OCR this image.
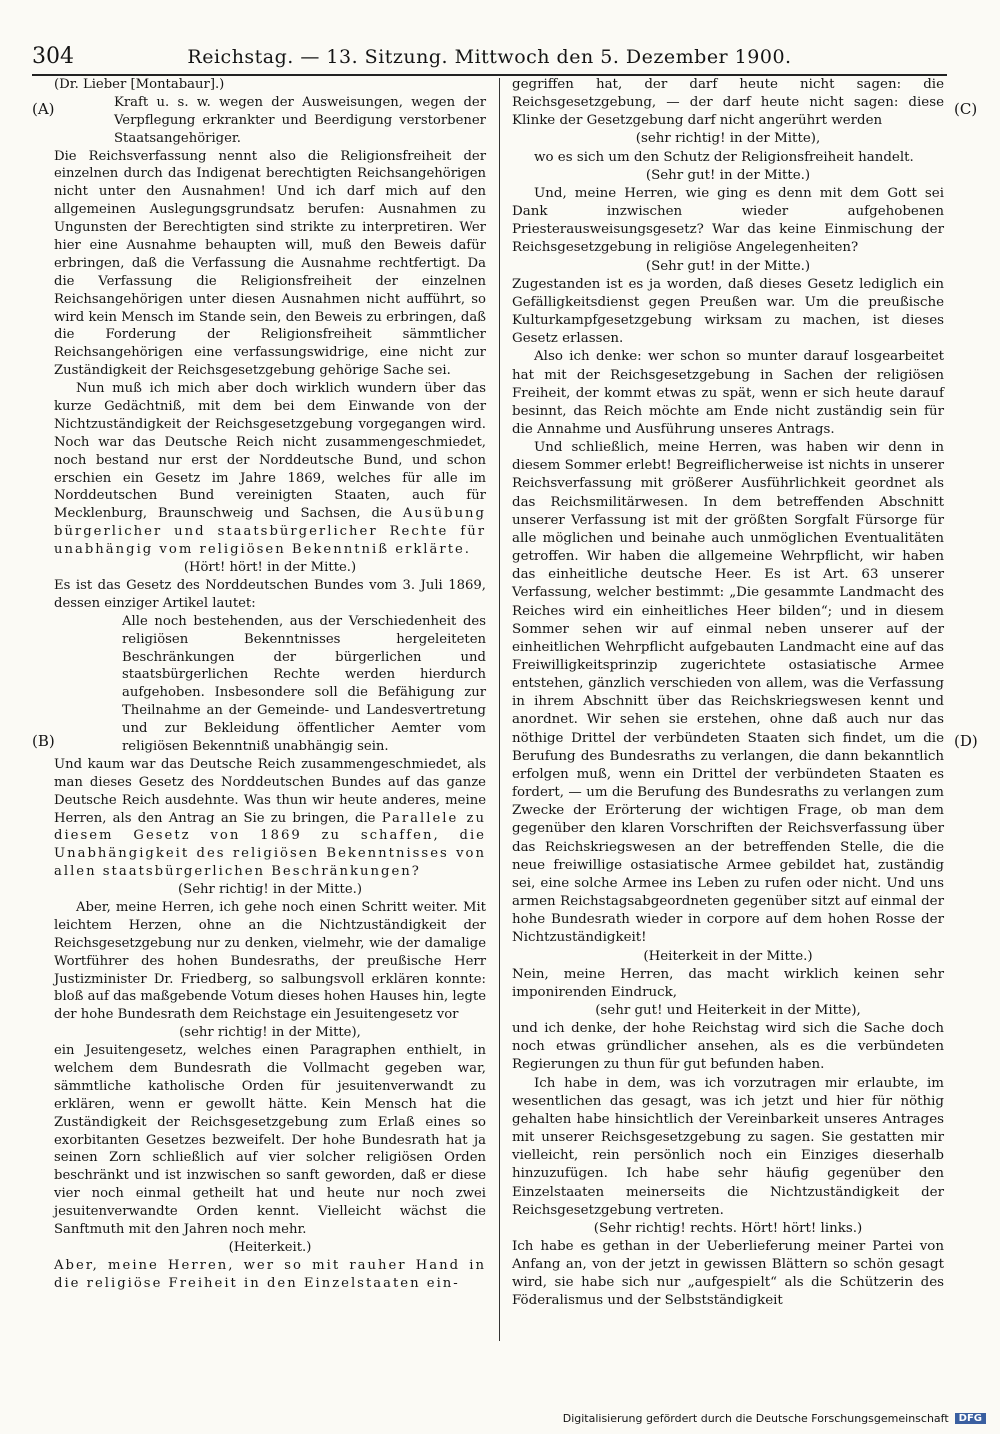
304	Reichstag. — 13. Sitzung. Mittwoch den 5. Dezember 1900.
(A)
(B)
(C)
(D)

(Dr. Lieber [Montabaur].)

Kraft u. s. w. wegen der Ausweisungen, wegen der Verpflegung erkrankter und Beerdigung verstorbener Staatsangehöriger.

Die Reichsverfassung nennt also die Religionsfreiheit der einzelnen durch das Indigenat berechtigten Reichsangehörigen nicht unter den Ausnahmen! Und ich darf mich auf den allgemeinen Auslegungsgrundsatz berufen: Ausnahmen zu Ungunsten der Berechtigten sind strikte zu interpretiren. Wer hier eine Ausnahme behaupten will, muß den Beweis dafür erbringen, daß die Verfassung die Ausnahme rechtfertigt. Da die Verfassung die Religionsfreiheit der einzelnen Reichsangehörigen unter diesen Ausnahmen nicht aufführt, so wird kein Mensch im Stande sein, den Beweis zu erbringen, daß die Forderung der Religionsfreiheit sämmtlicher Reichsangehörigen eine verfassungswidrige, eine nicht zur Zuständigkeit der Reichsgesetzgebung gehörige Sache sei.

Nun muß ich mich aber doch wirklich wundern über das kurze Gedächtniß, mit dem bei dem Einwande von der Nichtzuständigkeit der Reichsgesetzgebung vorgegangen wird. Noch war das Deutsche Reich nicht zusammengeschmiedet, noch bestand nur erst der Norddeutsche Bund, und schon erschien ein Gesetz im Jahre 1869, welches für alle im Norddeutschen Bund vereinigten Staaten, auch für Mecklenburg, Braunschweig und Sachsen, die Ausübung bürgerlicher und staatsbürgerlicher Rechte für unabhängig vom religiösen Bekenntniß erklärte.

(Hört! hört! in der Mitte.)

Es ist das Gesetz des Norddeutschen Bundes vom 3. Juli 1869, dessen einziger Artikel lautet:

Alle noch bestehenden, aus der Verschiedenheit des religiösen Bekenntnisses hergeleiteten Beschränkungen der bürgerlichen und staatsbürgerlichen Rechte werden hierdurch aufgehoben. Insbesondere soll die Befähigung zur Theilnahme an der Gemeinde- und Landesvertretung und zur Bekleidung öffentlicher Aemter vom religiösen Bekenntniß unabhängig sein.

Und kaum war das Deutsche Reich zusammengeschmiedet, als man dieses Gesetz des Norddeutschen Bundes auf das ganze Deutsche Reich ausdehnte. Was thun wir heute anderes, meine Herren, als den Antrag an Sie zu bringen, die Parallele zu diesem Gesetz von 1869 zu schaffen, die Unabhängigkeit des religiösen Bekenntnisses von allen staatsbürgerlichen Beschränkungen?

(Sehr richtig! in der Mitte.)

Aber, meine Herren, ich gehe noch einen Schritt weiter. Mit leichtem Herzen, ohne an die Nichtzuständigkeit der Reichsgesetzgebung nur zu denken, vielmehr, wie der damalige Wortführer des hohen Bundesraths, der preußische Herr Justizminister Dr. Friedberg, so salbungsvoll erklären konnte: bloß auf das maßgebende Votum dieses hohen Hauses hin, legte der hohe Bundesrath dem Reichstage ein Jesuitengesetz vor

(sehr richtig! in der Mitte),

ein Jesuitengesetz, welches einen Paragraphen enthielt, in welchem dem Bundesrath die Vollmacht gegeben war, sämmtliche katholische Orden für jesuitenverwandt zu erklären, wenn er gewollt hätte. Kein Mensch hat die Zuständigkeit der Reichsgesetzgebung zum Erlaß eines so exorbitanten Gesetzes bezweifelt. Der hohe Bundesrath hat ja seinen Zorn schließlich auf vier solcher religiösen Orden beschränkt und ist inzwischen so sanft geworden, daß er diese vier noch einmal getheilt hat und heute nur noch zwei jesuitenverwandte Orden kennt. Vielleicht wächst die Sanftmuth mit den Jahren noch mehr.

(Heiterkeit.)

Aber, meine Herren, wer so mit rauher Hand in die religiöse Freiheit in den Einzelstaaten ein-

gegriffen hat, der darf heute nicht sagen: die Reichsgesetzgebung, — der darf heute nicht sagen: diese Klinke der Gesetzgebung darf nicht angerührt werden

(sehr richtig! in der Mitte),

wo es sich um den Schutz der Religionsfreiheit handelt.

(Sehr gut! in der Mitte.)

Und, meine Herren, wie ging es denn mit dem Gott sei Dank inzwischen wieder aufgehobenen Priesterausweisungsgesetz? War das keine Einmischung der Reichsgesetzgebung in religiöse Angelegenheiten?

(Sehr gut! in der Mitte.)

Zugestanden ist es ja worden, daß dieses Gesetz lediglich ein Gefälligkeitsdienst gegen Preußen war. Um die preußische Kulturkampfgesetzgebung wirksam zu machen, ist dieses Gesetz erlassen.

Also ich denke: wer schon so munter darauf losgearbeitet hat mit der Reichsgesetzgebung in Sachen der religiösen Freiheit, der kommt etwas zu spät, wenn er sich heute darauf besinnt, das Reich möchte am Ende nicht zuständig sein für die Annahme und Ausführung unseres Antrags.

Und schließlich, meine Herren, was haben wir denn in diesem Sommer erlebt! Begreiflicherweise ist nichts in unserer Reichsverfassung mit größerer Ausführlichkeit geordnet als das Reichsmilitärwesen. In dem betreffenden Abschnitt unserer Verfassung ist mit der größten Sorgfalt Fürsorge für alle möglichen und beinahe auch unmöglichen Eventualitäten getroffen. Wir haben die allgemeine Wehrpflicht, wir haben das einheitliche deutsche Heer. Es ist Art. 63 unserer Verfassung, welcher bestimmt: „Die gesammte Landmacht des Reiches wird ein einheitliches Heer bilden“; und in diesem Sommer sehen wir auf einmal neben unserer auf der einheitlichen Wehrpflicht aufgebauten Landmacht eine auf das Freiwilligkeitsprinzip zugerichtete ostasiatische Armee entstehen, gänzlich verschieden von allem, was die Verfassung in ihrem Abschnitt über das Reichskriegswesen kennt und anordnet. Wir sehen sie erstehen, ohne daß auch nur das nöthige Drittel der verbündeten Staaten sich findet, um die Berufung des Bundesraths zu verlangen, die dann bekanntlich erfolgen muß, wenn ein Drittel der verbündeten Staaten es fordert, — um die Berufung des Bundesraths zu verlangen zum Zwecke der Erörterung der wichtigen Frage, ob man dem gegenüber den klaren Vorschriften der Reichsverfassung über das Reichskriegswesen an der betreffenden Stelle, die die neue freiwillige ostasiatische Armee gebildet hat, zuständig sei, eine solche Armee ins Leben zu rufen oder nicht. Und uns armen Reichstagsabgeordneten gegenüber sitzt auf einmal der hohe Bundesrath wieder in corpore auf dem hohen Rosse der Nichtzuständigkeit!

(Heiterkeit in der Mitte.)

Nein, meine Herren, das macht wirklich keinen sehr imponirenden Eindruck,

(sehr gut! und Heiterkeit in der Mitte),

und ich denke, der hohe Reichstag wird sich die Sache doch noch etwas gründlicher ansehen, als es die verbündeten Regierungen zu thun für gut befunden haben.

Ich habe in dem, was ich vorzutragen mir erlaubte, im wesentlichen das gesagt, was ich jetzt und hier für nöthig gehalten habe hinsichtlich der Vereinbarkeit unseres Antrages mit unserer Reichsgesetzgebung zu sagen. Sie gestatten mir vielleicht, rein persönlich noch ein Einziges dieserhalb hinzuzufügen. Ich habe sehr häufig gegenüber den Einzelstaaten meinerseits die Nichtzuständigkeit der Reichsgesetzgebung vertreten.

(Sehr richtig! rechts. Hört! hört! links.)

Ich habe es gethan in der Ueberlieferung meiner Partei von Anfang an, von der jetzt in gewissen Blättern so schön gesagt wird, sie habe sich nur „aufgespielt“ als die Schützerin des Föderalismus und der Selbstständigkeit

Digitalisierung gefördert durch die Deutsche Forschungsgemeinschaft	DFG
